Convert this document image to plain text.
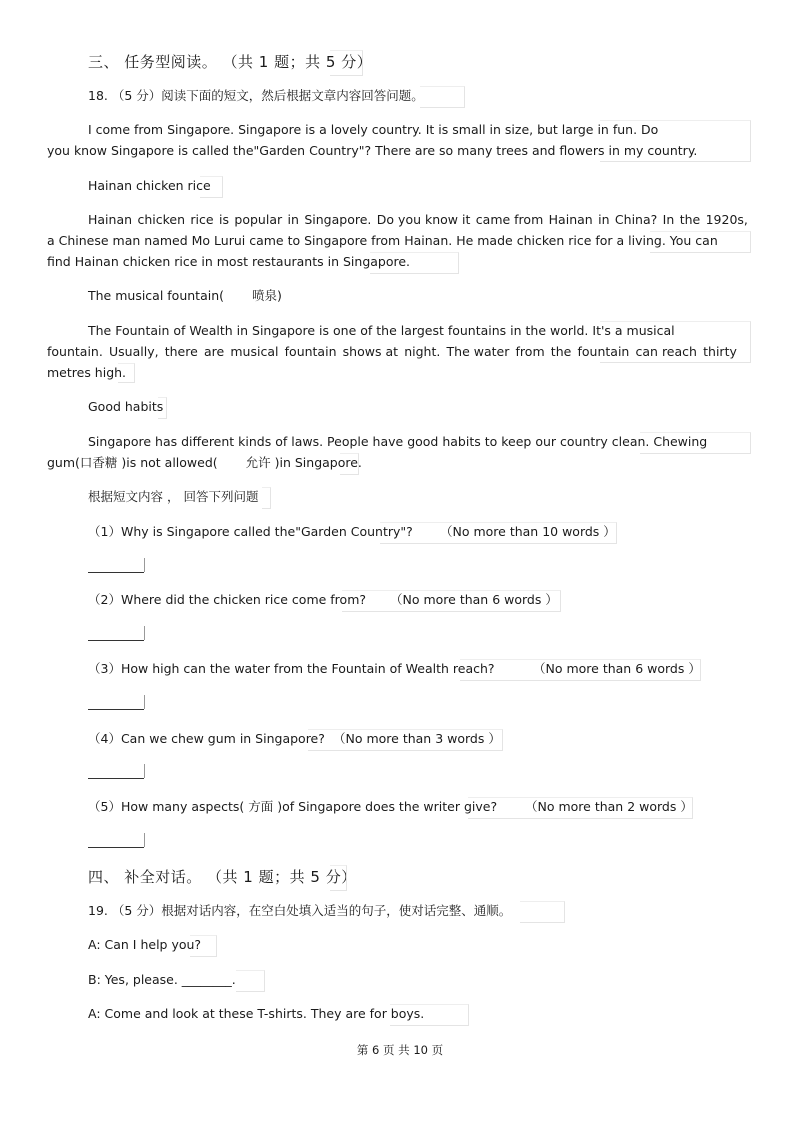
三、 任务型阅读。 （共 1 题；共 5 分）
18. （5 分）阅读下面的短文，然后根据文章内容回答问题。
I come from Singapore. Singapore is a lovely country. It is small in size, but large in fun. Do
you know Singapore is called the"Garden Country"? There are so many trees and flowers in my country.
Hainan chicken rice
Hainan chicken rice is popular in Singapore. Do you know it came from Hainan in China? In the 1920s,
a Chinese man named Mo Lurui came to Singapore from Hainan. He made chicken rice for a living. You can
find Hainan chicken rice in most restaurants in Singapore.
The musical fountain( 喷泉)
The Fountain of Wealth in Singapore is one of the largest fountains in the world. It's a musical
fountain. Usually, there are musical fountain shows at night. The water from the fountain can reach thirty
metres high.
Good habits
Singapore has different kinds of laws. People have good habits to keep our country clean. Chewing
gum(口香糖 )is not allowed( 允许 )in Singapore.
根据短文内容 ， 回答下列问题
（1）Why is Singapore called the"Garden Country"? （No more than 10 words ）
（2）Where did the chicken rice come from? （No more than 6 words ）
（3）How high can the water from the Fountain of Wealth reach?	（No more than 6 words ）
（4）Can we chew gum in Singapore? （No more than 3 words ）
（5）How many aspects( 方面 )of Singapore does the writer give? （No more than 2 words ）
四、 补全对话。 （共 1 题；共 5 分）
19. （5 分）根据对话内容，在空白处填入适当的句子，使对话完整、通顺。
A: Can I help you?
B: Yes, please. ________.
A: Come and look at these T-shirts. They are for boys.
第 6 页 共 10 页
